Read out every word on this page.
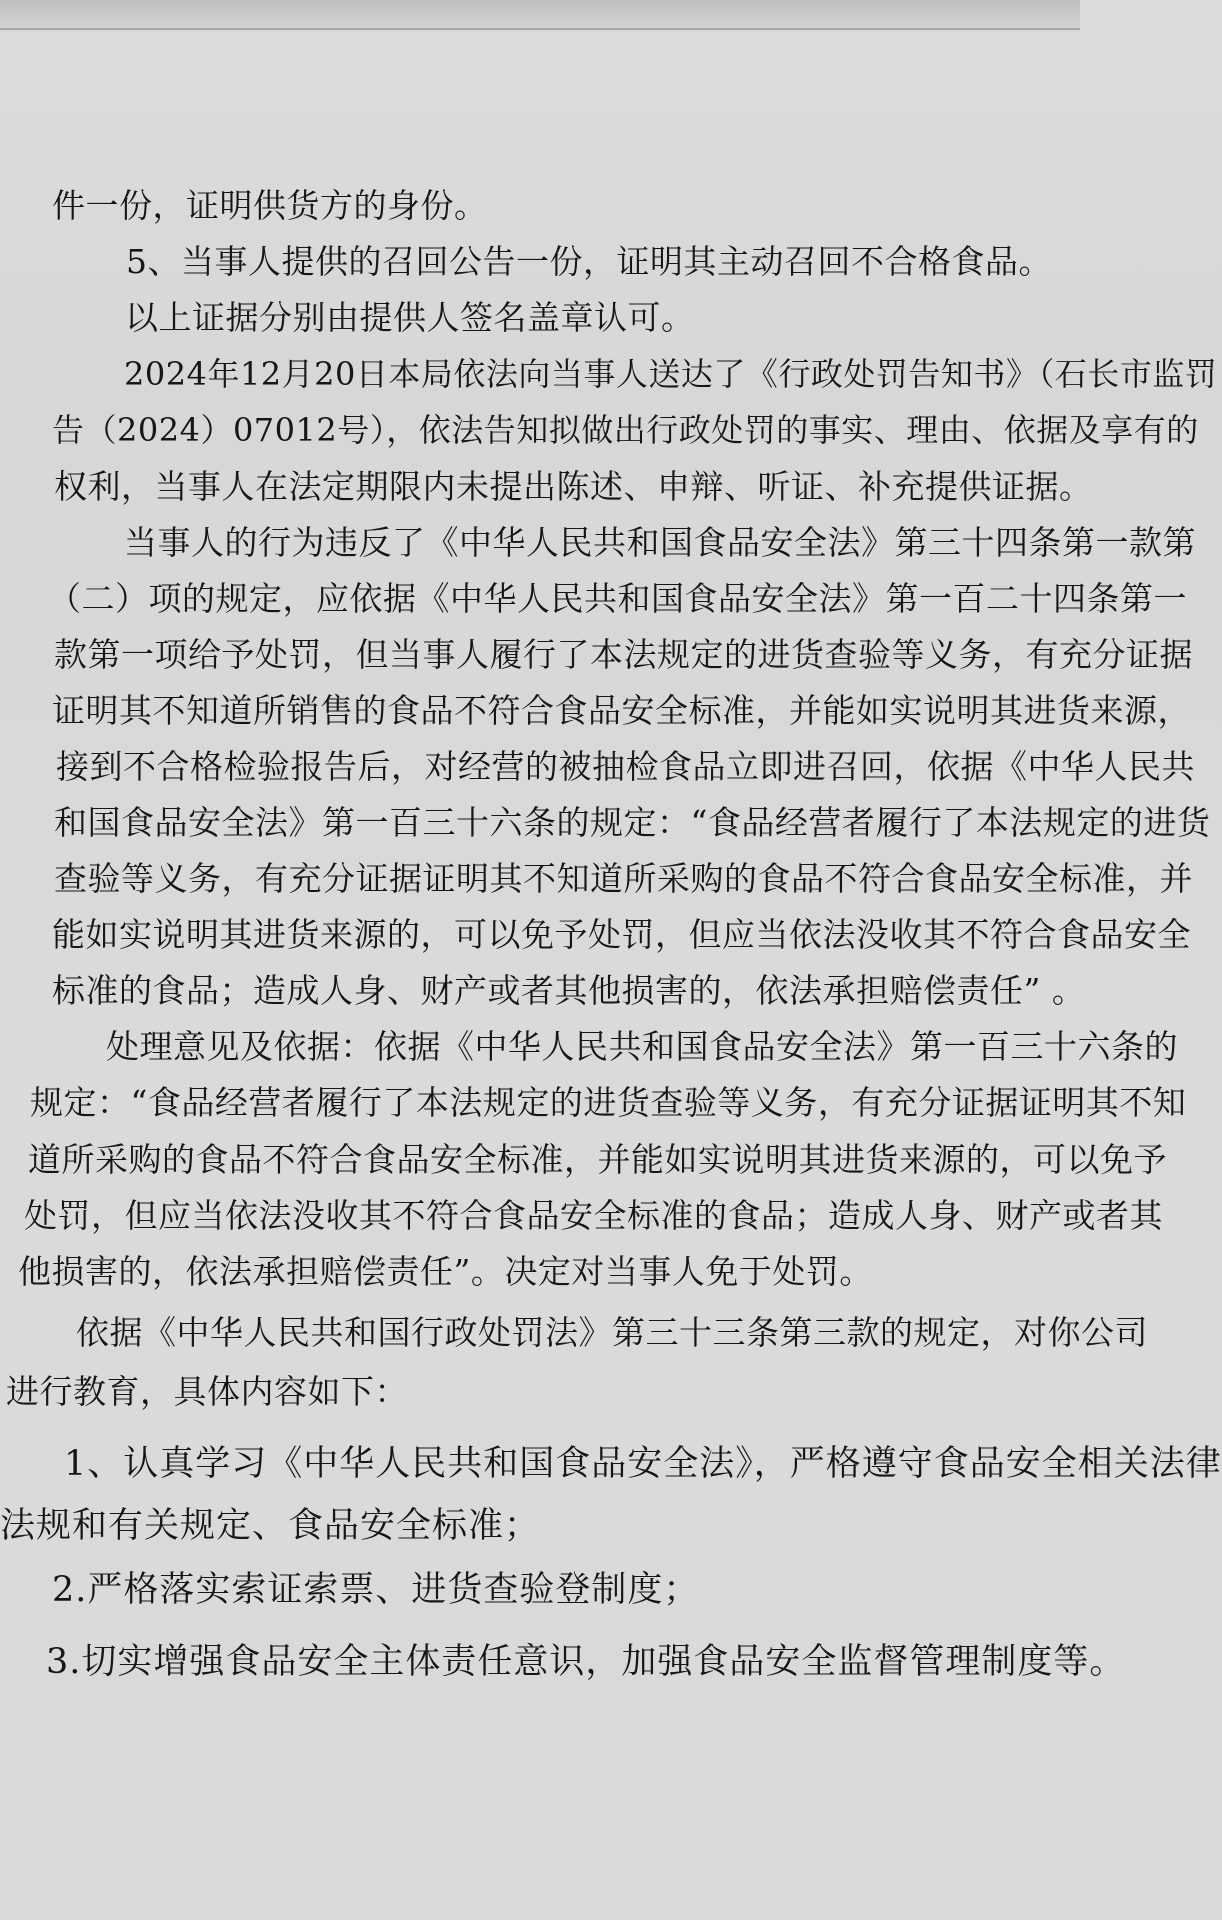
件一份，证明供货方的身份。
5、当事人提供的召回公告一份，证明其主动召回不合格食品。
以上证据分别由提供人签名盖章认可。
2024年12月20日本局依法向当事人送达了《行政处罚告知书》（石长市监罚
告（2024）07012号），依法告知拟做出行政处罚的事实、理由、依据及享有的
权利，当事人在法定期限内未提出陈述、申辩、听证、补充提供证据。
当事人的行为违反了《中华人民共和国食品安全法》第三十四条第一款第
（二）项的规定，应依据《中华人民共和国食品安全法》第一百二十四条第一
款第一项给予处罚，但当事人履行了本法规定的进货查验等义务，有充分证据
证明其不知道所销售的食品不符合食品安全标准，并能如实说明其进货来源，
接到不合格检验报告后，对经营的被抽检食品立即进召回，依据《中华人民共
和国食品安全法》第一百三十六条的规定：“食品经营者履行了本法规定的进货
查验等义务，有充分证据证明其不知道所采购的食品不符合食品安全标准，并
能如实说明其进货来源的，可以免予处罚，但应当依法没收其不符合食品安全
标准的食品；造成人身、财产或者其他损害的，依法承担赔偿责任” 。
处理意见及依据：依据《中华人民共和国食品安全法》第一百三十六条的
规定：“食品经营者履行了本法规定的进货查验等义务，有充分证据证明其不知
道所采购的食品不符合食品安全标准，并能如实说明其进货来源的，可以免予
处罚，但应当依法没收其不符合食品安全标准的食品；造成人身、财产或者其
他损害的，依法承担赔偿责任”。决定对当事人免于处罚。
依据《中华人民共和国行政处罚法》第三十三条第三款的规定，对你公司
进行教育，具体内容如下：
1、认真学习《中华人民共和国食品安全法》，严格遵守食品安全相关法律
法规和有关规定、食品安全标准；
2.严格落实索证索票、进货查验登制度；
3.切实增强食品安全主体责任意识，加强食品安全监督管理制度等。
